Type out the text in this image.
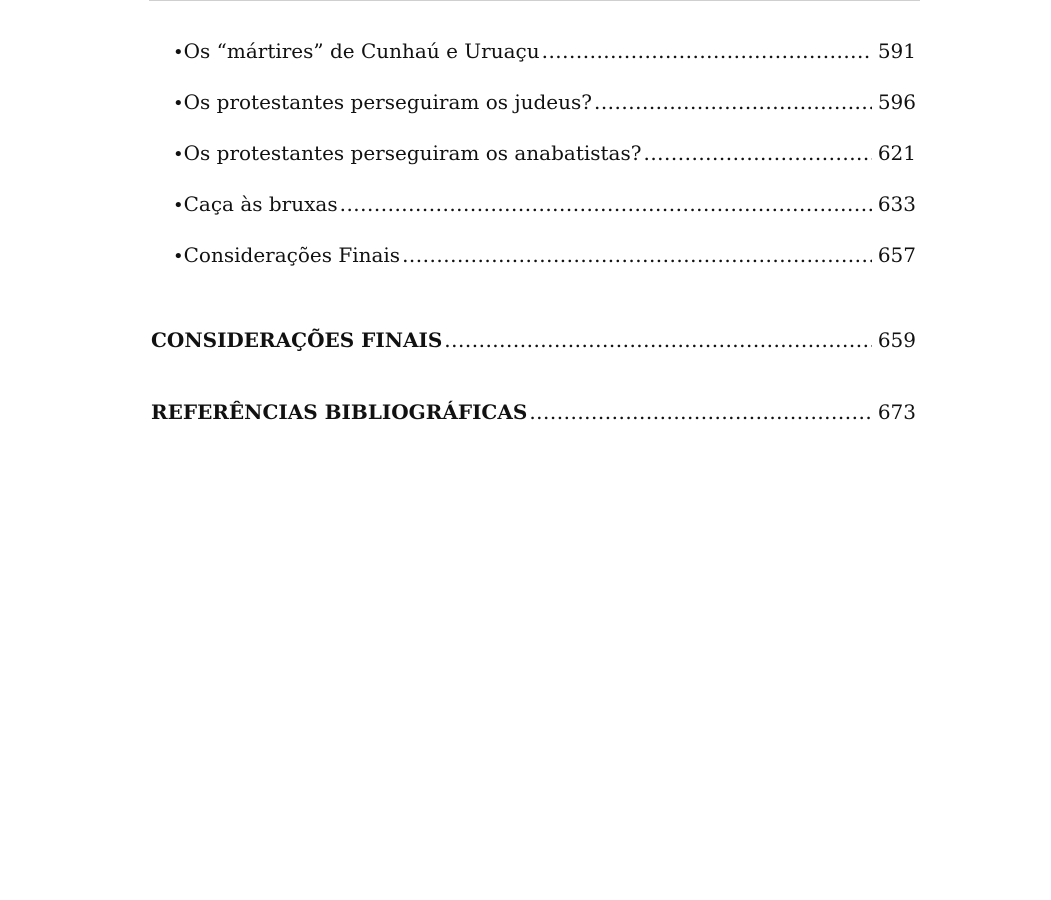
• Os “mártires” de Cunhaú e Uruaçu .....	591
• Os protestantes perseguiram os judeus? .....	596
• Os protestantes perseguiram os anabatistas? .....	621
• Caça às bruxas .....	633
• Considerações Finais .....	657
CONSIDERAÇÕES FINAIS .....	659
REFERÊNCIAS BIBLIOGRÁFICAS .....	673
